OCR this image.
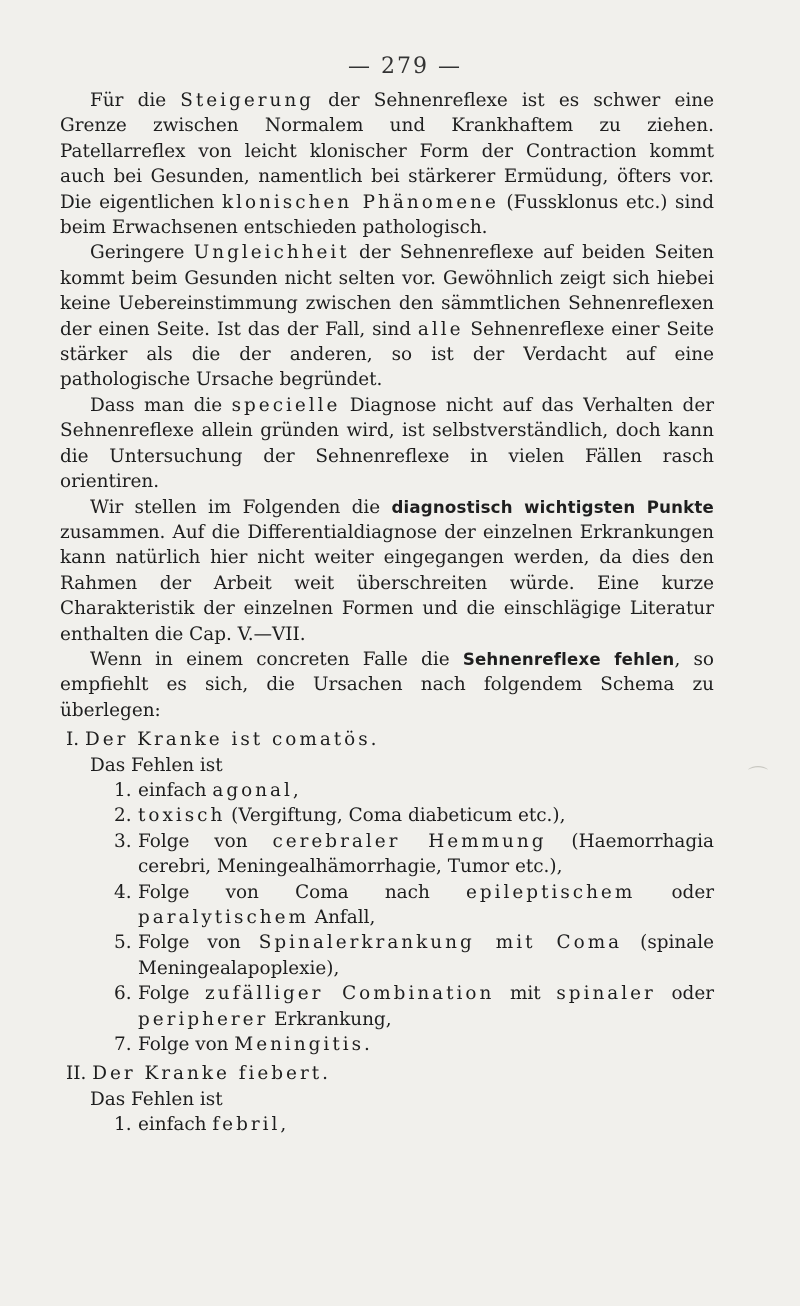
— 279 —

Für die Steigerung der Sehnenreflexe ist es schwer eine Grenze zwischen Normalem und Krankhaftem zu ziehen. Patellarreflex von leicht klonischer Form der Contraction kommt auch bei Gesunden, namentlich bei stärkerer Ermüdung, öfters vor. Die eigentlichen klonischen Phänomene (Fussklonus etc.) sind beim Erwachsenen entschieden pathologisch.

Geringere Ungleichheit der Sehnenreflexe auf beiden Seiten kommt beim Gesunden nicht selten vor. Gewöhnlich zeigt sich hiebei keine Uebereinstimmung zwischen den sämmtlichen Sehnenreflexen der einen Seite. Ist das der Fall, sind alle Sehnenreflexe einer Seite stärker als die der anderen, so ist der Verdacht auf eine pathologische Ursache begründet.

Dass man die specielle Diagnose nicht auf das Verhalten der Sehnenreflexe allein gründen wird, ist selbstverständlich, doch kann die Untersuchung der Sehnenreflexe in vielen Fällen rasch orientiren.

Wir stellen im Folgenden die diagnostisch wichtigsten Punkte zusammen. Auf die Differentialdiagnose der einzelnen Erkrankungen kann natürlich hier nicht weiter eingegangen werden, da dies den Rahmen der Arbeit weit überschreiten würde. Eine kurze Charakteristik der einzelnen Formen und die einschlägige Literatur enthalten die Cap. V.—VII.

Wenn in einem concreten Falle die Sehnenreflexe fehlen, so empfiehlt es sich, die Ursachen nach folgendem Schema zu überlegen:

I. Der Kranke ist comatös.
Das Fehlen ist
1. einfach agonal,
2. toxisch (Vergiftung, Coma diabeticum etc.),
3. Folge von cerebraler Hemmung (Haemorrhagia cerebri, Meningealhämorrhagie, Tumor etc.),
4. Folge von Coma nach epileptischem oder paralytischem Anfall,
5. Folge von Spinalerkrankung mit Coma (spinale Meningealapoplexie),
6. Folge zufälliger Combination mit spinaler oder peripherer Erkrankung,
7. Folge von Meningitis.
II. Der Kranke fiebert.
Das Fehlen ist
1. einfach febril,
⌒
